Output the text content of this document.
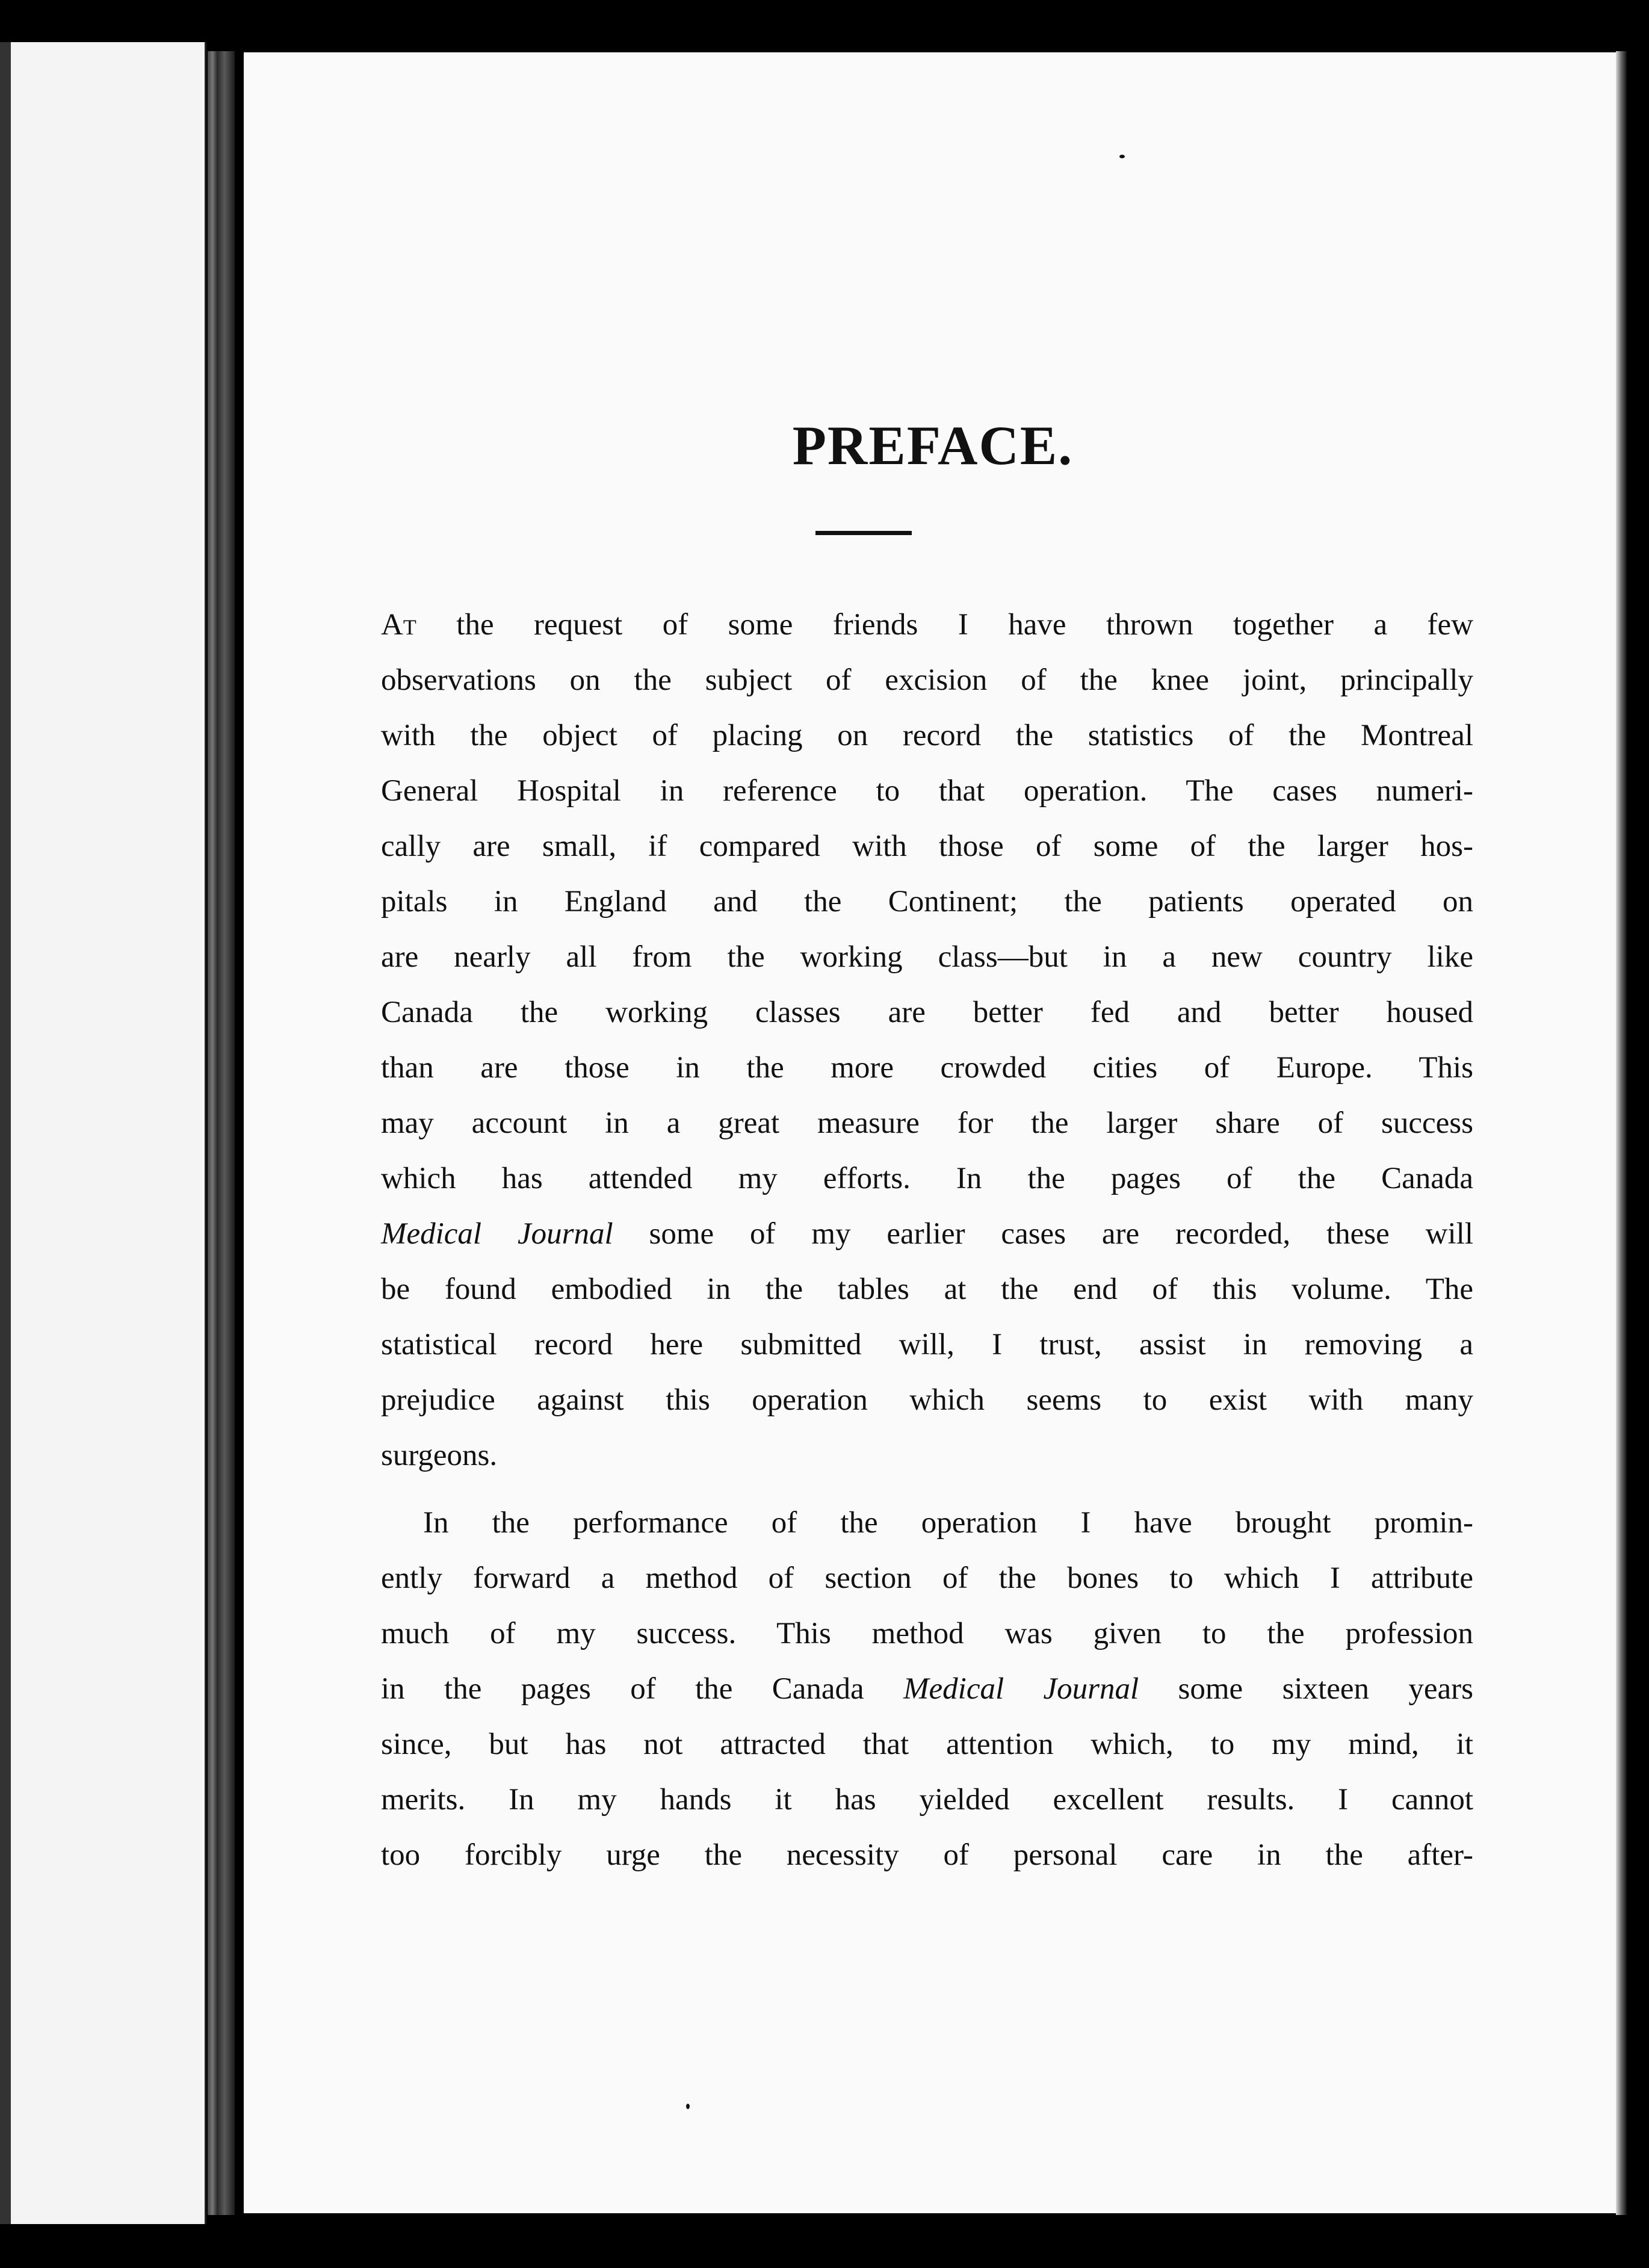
PREFACE.

At the request of some friends I have thrown together a few
observations on the subject of excision of the knee joint, principally
with the object of placing on record the statistics of the Montreal
General Hospital in reference to that operation. The cases numeri-
cally are small, if compared with those of some of the larger hos-
pitals in England and the Continent; the patients operated on
are nearly all from the working class—but in a new country like
Canada the working classes are better fed and better housed
than are those in the more crowded cities of Europe. This
may account in a great measure for the larger share of success
which has attended my efforts. In the pages of the Canada
Medical Journal some of my earlier cases are recorded, these will
be found embodied in the tables at the end of this volume. The
statistical record here submitted will, I trust, assist in removing a
prejudice against this operation which seems to exist with many
surgeons.

In the performance of the operation I have brought promin-
ently forward a method of section of the bones to which I attribute
much of my success. This method was given to the profession
in the pages of the Canada Medical Journal some sixteen years
since, but has not attracted that attention which, to my mind, it
merits. In my hands it has yielded excellent results. I cannot
too forcibly urge the necessity of personal care in the after-
